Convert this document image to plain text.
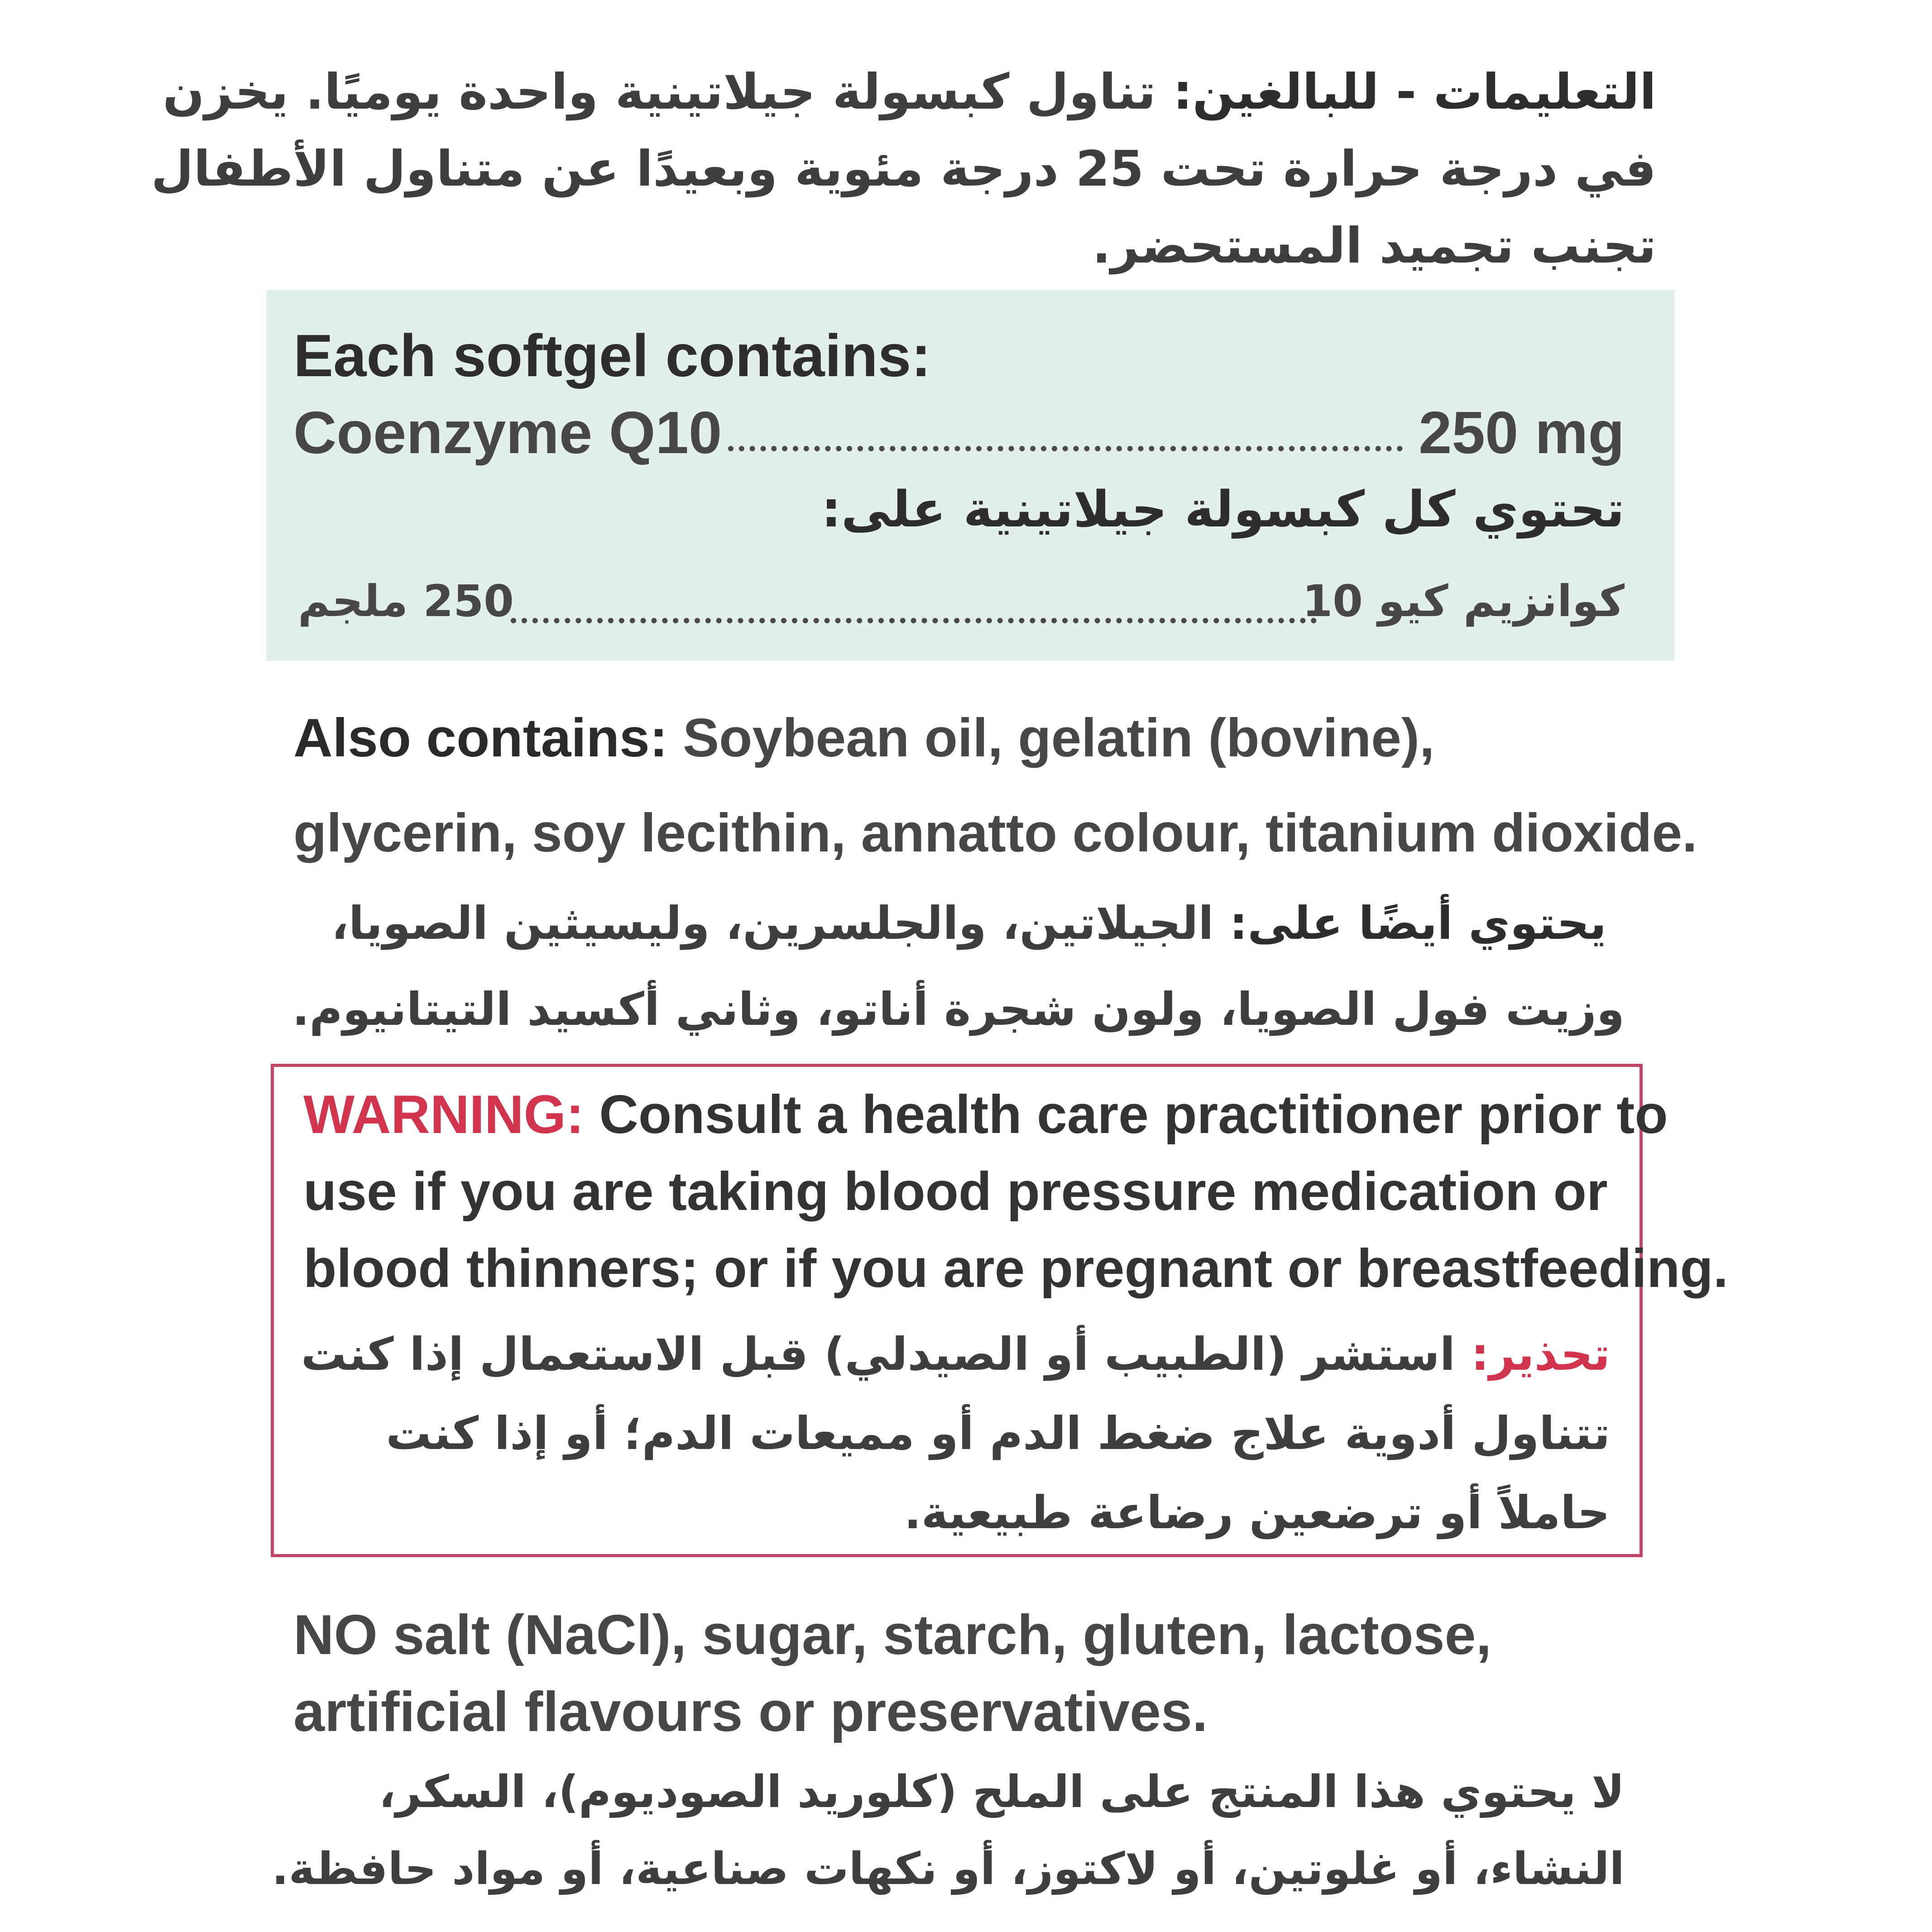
التعليمات - للبالغين: تناول كبسولة جيلاتينية واحدة يوميًا. يخزن
في درجة حرارة تحت 25 درجة مئوية وبعيدًا عن متناول الأطفال
تجنب تجميد المستحضر.
Each softgel contains:
Coenzyme Q10	250 mg
تحتوي كل كبسولة جيلاتينية على:
كوانزيم كيو 10
250 ملجم
Also contains: Soybean oil, gelatin (bovine),
glycerin, soy lecithin, annatto colour, titanium dioxide.
يحتوي أيضًا على: الجيلاتين، والجلسرين، وليسيثين الصويا،
وزيت فول الصويا، ولون شجرة أناتو، وثاني أكسيد التيتانيوم.
WARNING: Consult a health care practitioner prior to
use if you are taking blood pressure medication or
blood thinners; or if you are pregnant or breastfeeding.
تحذير: استشر (الطبيب أو الصيدلي) قبل الاستعمال إذا كنت
تتناول أدوية علاج ضغط الدم أو مميعات الدم؛ أو إذا كنت
حاملاً أو ترضعين رضاعة طبيعية.
NO salt (NaCl), sugar, starch, gluten, lactose,
artificial flavours or preservatives.
لا يحتوي هذا المنتج على الملح (كلوريد الصوديوم)، السكر،
النشاء، أو غلوتين، أو لاكتوز، أو نكهات صناعية، أو مواد حافظة.
